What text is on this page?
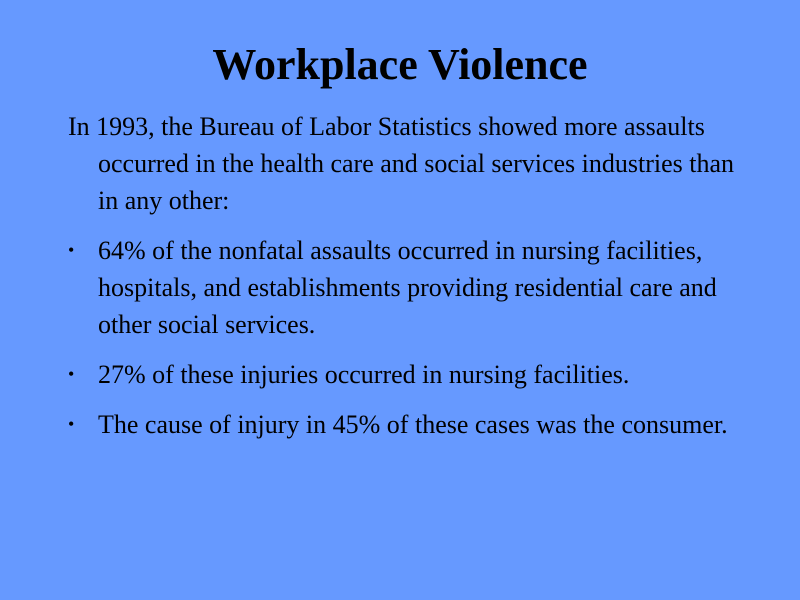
Workplace Violence
In 1993, the Bureau of Labor Statistics showed more assaults occurred in the health care and social services industries than in any other:
• 64% of the nonfatal assaults occurred in nursing facilities, hospitals, and establishments providing residential care and other social services.
• 27% of these injuries occurred in nursing facilities.
• The cause of injury in 45% of these cases was the consumer.
